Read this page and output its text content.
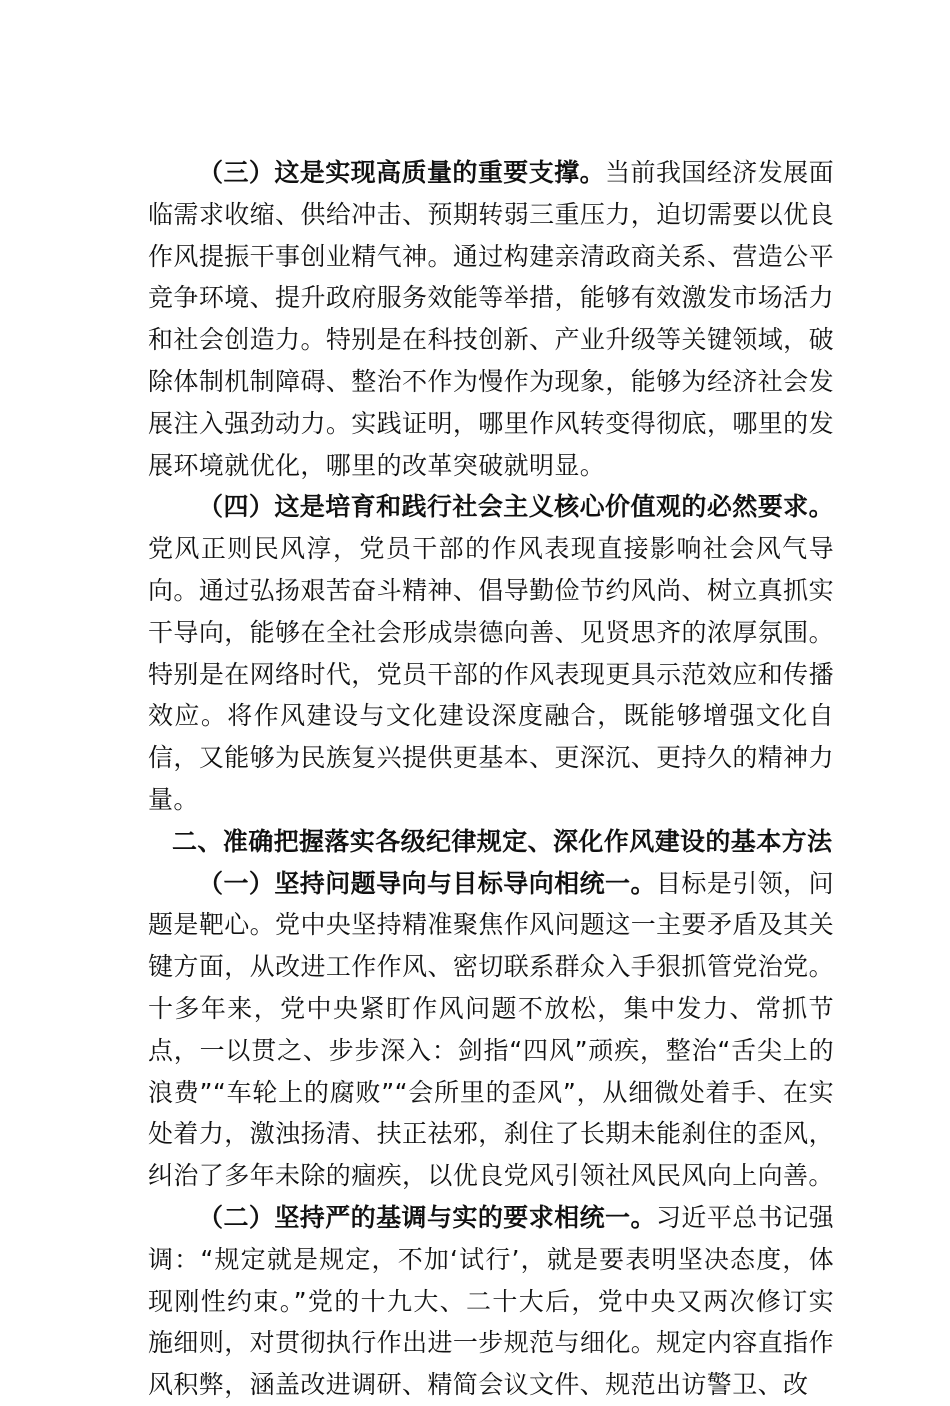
（三）这是实现高质量的重要支撑。当前我国经济发展面临需求收缩、供给冲击、预期转弱三重压力，迫切需要以优良作风提振干事创业精气神。通过构建亲清政商关系、营造公平竞争环境、提升政府服务效能等举措，能够有效激发市场活力和社会创造力。特别是在科技创新、产业升级等关键领域，破除体制机制障碍、整治不作为慢作为现象，能够为经济社会发展注入强劲动力。实践证明，哪里作风转变得彻底，哪里的发展环境就优化，哪里的改革突破就明显。

（四）这是培育和践行社会主义核心价值观的必然要求。党风正则民风淳，党员干部的作风表现直接影响社会风气导向。通过弘扬艰苦奋斗精神、倡导勤俭节约风尚、树立真抓实干导向，能够在全社会形成崇德向善、见贤思齐的浓厚氛围。特别是在网络时代，党员干部的作风表现更具示范效应和传播效应。将作风建设与文化建设深度融合，既能够增强文化自信，又能够为民族复兴提供更基本、更深沉、更持久的精神力量。

二、准确把握落实各级纪律规定、深化作风建设的基本方法

（一）坚持问题导向与目标导向相统一。目标是引领，问题是靶心。党中央坚持精准聚焦作风问题这一主要矛盾及其关键方面，从改进工作作风、密切联系群众入手狠抓管党治党。十多年来，党中央紧盯作风问题不放松，集中发力、常抓节点，一以贯之、步步深入：剑指“四风”顽疾，整治“舌尖上的浪费”“车轮上的腐败”“会所里的歪风”，从细微处着手、在实处着力，激浊扬清、扶正祛邪，刹住了长期未能刹住的歪风，纠治了多年未除的痼疾，以优良党风引领社风民风向上向善。

（二）坚持严的基调与实的要求相统一。习近平总书记强调：“规定就是规定，不加‘试行’，就是要表明坚决态度，体现刚性约束。”党的十九大、二十大后，党中央又两次修订实施细则，对贯彻执行作出进一步规范与细化。规定内容直指作风积弊，涵盖改进调研、精简会议文件、规范出访警卫、改
